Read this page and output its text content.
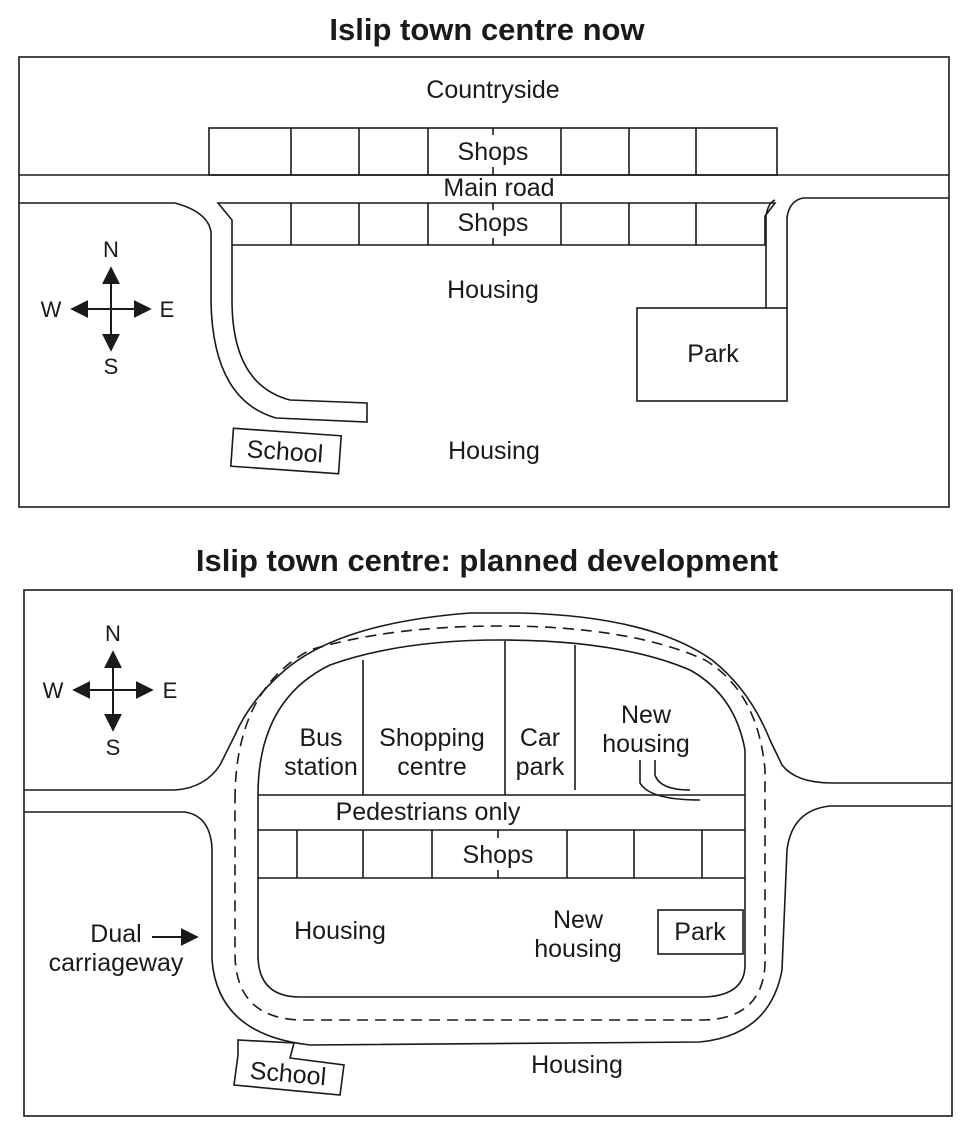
Islip town centre now
Islip town centre: planned development
Countryside
Shops
Main road
Shops
Housing
Park
School	Housing
N
S
E
W
Bus
station
Shopping
centre
Car
park
New
housing
Pedestrians only
Shops
Housing	New
housing
Park
Dual
carriageway
School	Housing
N
S
E
W
